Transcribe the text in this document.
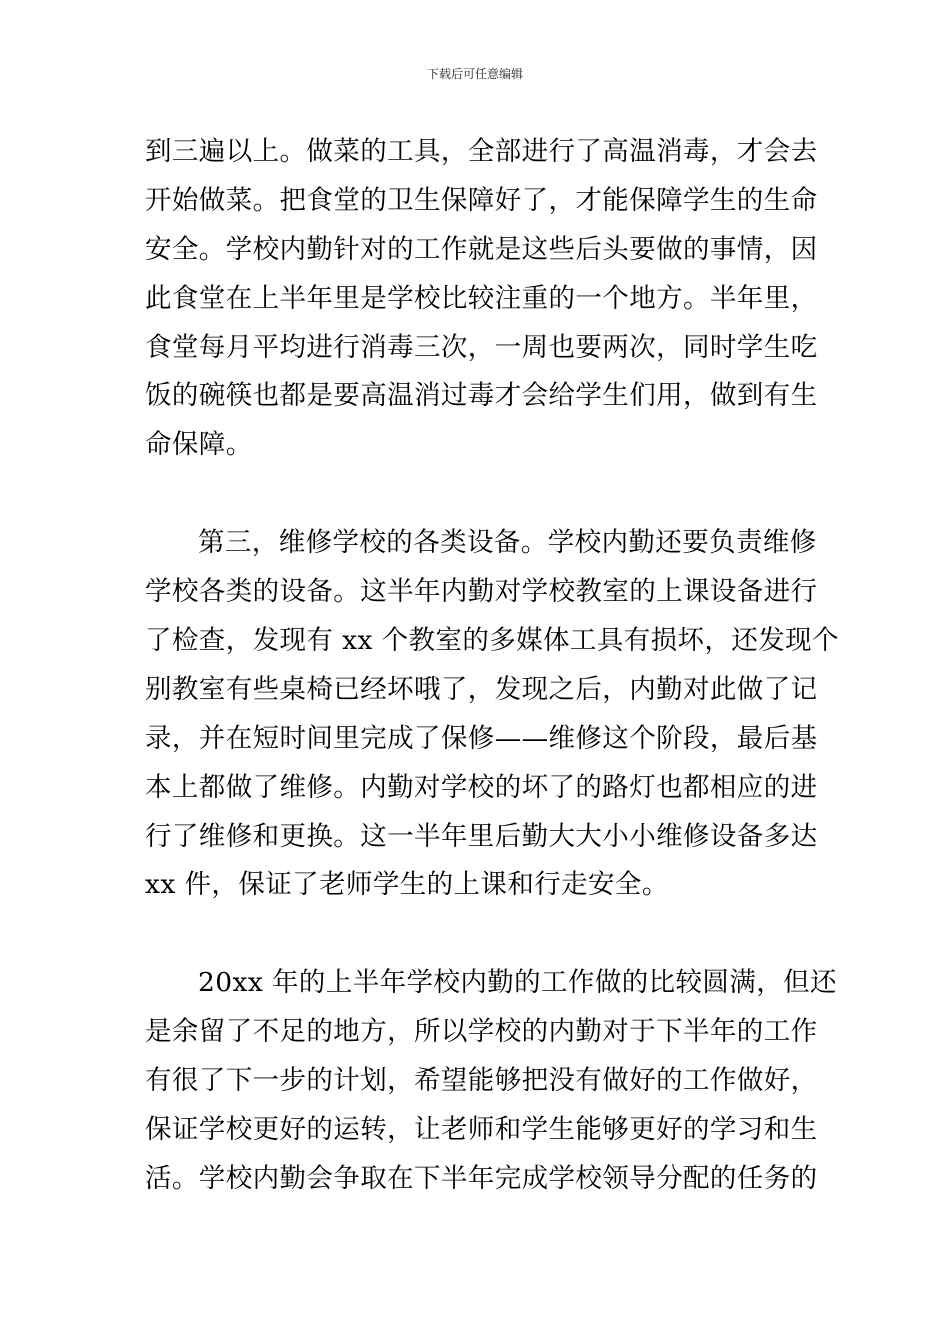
下载后可任意编辑
到三遍以上。做菜的工具，全部进行了高温消毒，才会去
开始做菜。把食堂的卫生保障好了，才能保障学生的生命
安全。学校内勤针对的工作就是这些后头要做的事情，因
此食堂在上半年里是学校比较注重的一个地方。半年里，
食堂每月平均进行消毒三次，一周也要两次，同时学生吃
饭的碗筷也都是要高温消过毒才会给学生们用，做到有生
命保障。
第三，维修学校的各类设备。学校内勤还要负责维修
学校各类的设备。这半年内勤对学校教室的上课设备进行
了检查，发现有 xx 个教室的多媒体工具有损坏，还发现个
别教室有些桌椅已经坏哦了，发现之后，内勤对此做了记
录，并在短时间里完成了保修——维修这个阶段，最后基
本上都做了维修。内勤对学校的坏了的路灯也都相应的进
行了维修和更换。这一半年里后勤大大小小维修设备多达
xx 件，保证了老师学生的上课和行走安全。
20xx 年的上半年学校内勤的工作做的比较圆满，但还
是余留了不足的地方，所以学校的内勤对于下半年的工作
有很了下一步的计划，希望能够把没有做好的工作做好，
保证学校更好的运转，让老师和学生能够更好的学习和生
活。学校内勤会争取在下半年完成学校领导分配的任务的
